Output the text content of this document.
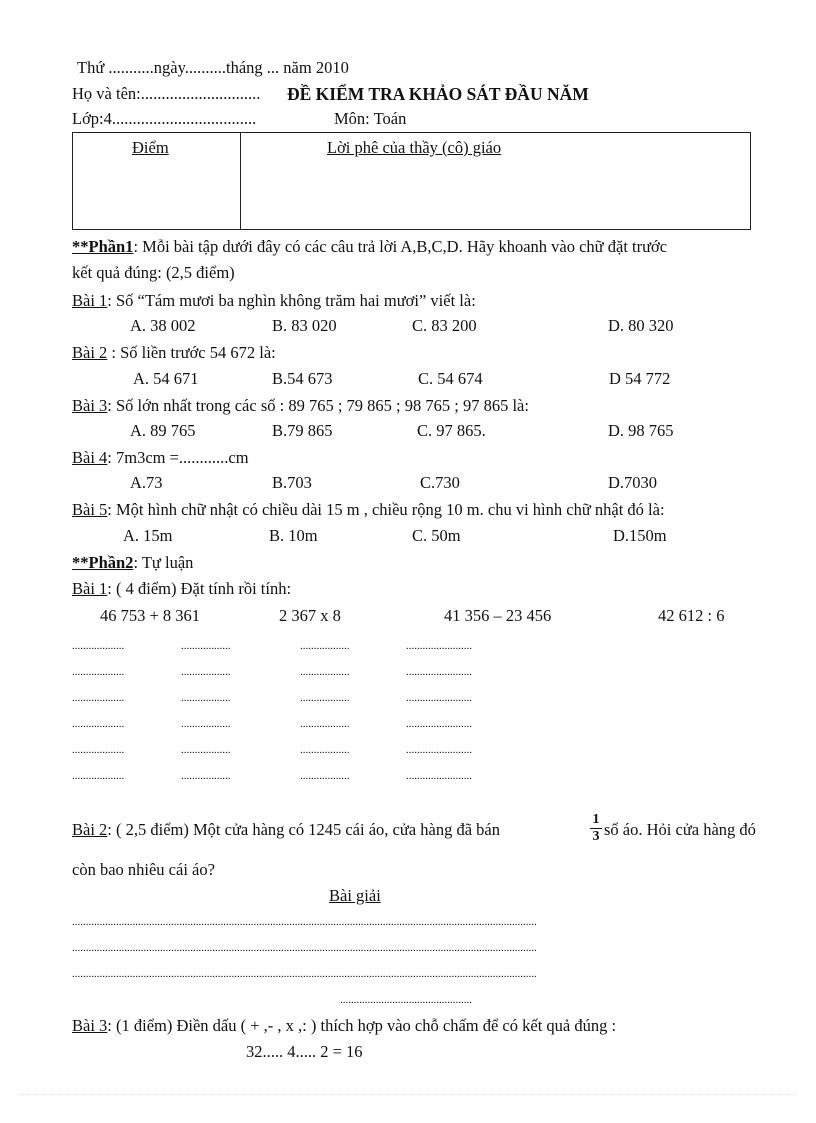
Thứ ...........ngày..........tháng ... năm 2010
Họ và tên:............................. ĐỀ KIỂM TRA KHẢO SÁT ĐẦU NĂM
Lớp:4...................................	Môn: Toán
Điểm	Lời phê của thầy (cô) giáo
**Phần1: Mỗi bài tập dưới đây có các câu trả lời A,B,C,D. Hãy khoanh vào chữ đặt trước
kết quả đúng: (2,5 điểm)
Bài 1: Số “Tám mươi ba nghìn không trăm hai mươi” viết là:
A. 38 002	B. 83 020	C. 83 200	D. 80 320
Bài 2 : Số liền trước 54 672 là:
A. 54 671	B.54 673	C. 54 674	D 54 772
Bài 3: Số lớn nhất trong các số : 89 765 ; 79 865 ; 98 765 ; 97 865 là:
A. 89 765	B.79 865	C. 97 865.	D. 98 765
Bài 4: 7m3cm =............cm
A.73	B.703	C.730	D.7030
Bài 5: Một hình chữ nhật có chiều dài 15 m , chiều rộng 10 m. chu vi hình chữ nhật đó là:
A. 15m	B. 10m	C. 50m	D.150m
**Phần2: Tự luận
Bài 1: ( 4 điểm) Đặt tính rồi tính:
46 753 + 8 361	2 367 x 8	41 356 – 23 456	42 612 : 6
...................	..................	..................	........................
...................	..................	..................	........................
...................	..................	..................	........................
...................	..................	..................	........................
...................	..................	..................	........................
...................	..................	..................	........................
Bài 2: ( 2,5 điểm) Một cửa hàng có 1245 cái áo, cửa hàng đã bán
1
3 số áo. Hỏi cửa hàng đó
còn bao nhiêu cái áo?
Bài giải
.........................................................................................................................................................................
.........................................................................................................................................................................
.........................................................................................................................................................................
................................................
Bài 3: (1 điểm) Điền dấu ( + ,- , x ,: ) thích hợp vào chỗ chấm để có kết quả đúng :
32..... 4..... 2 = 16
